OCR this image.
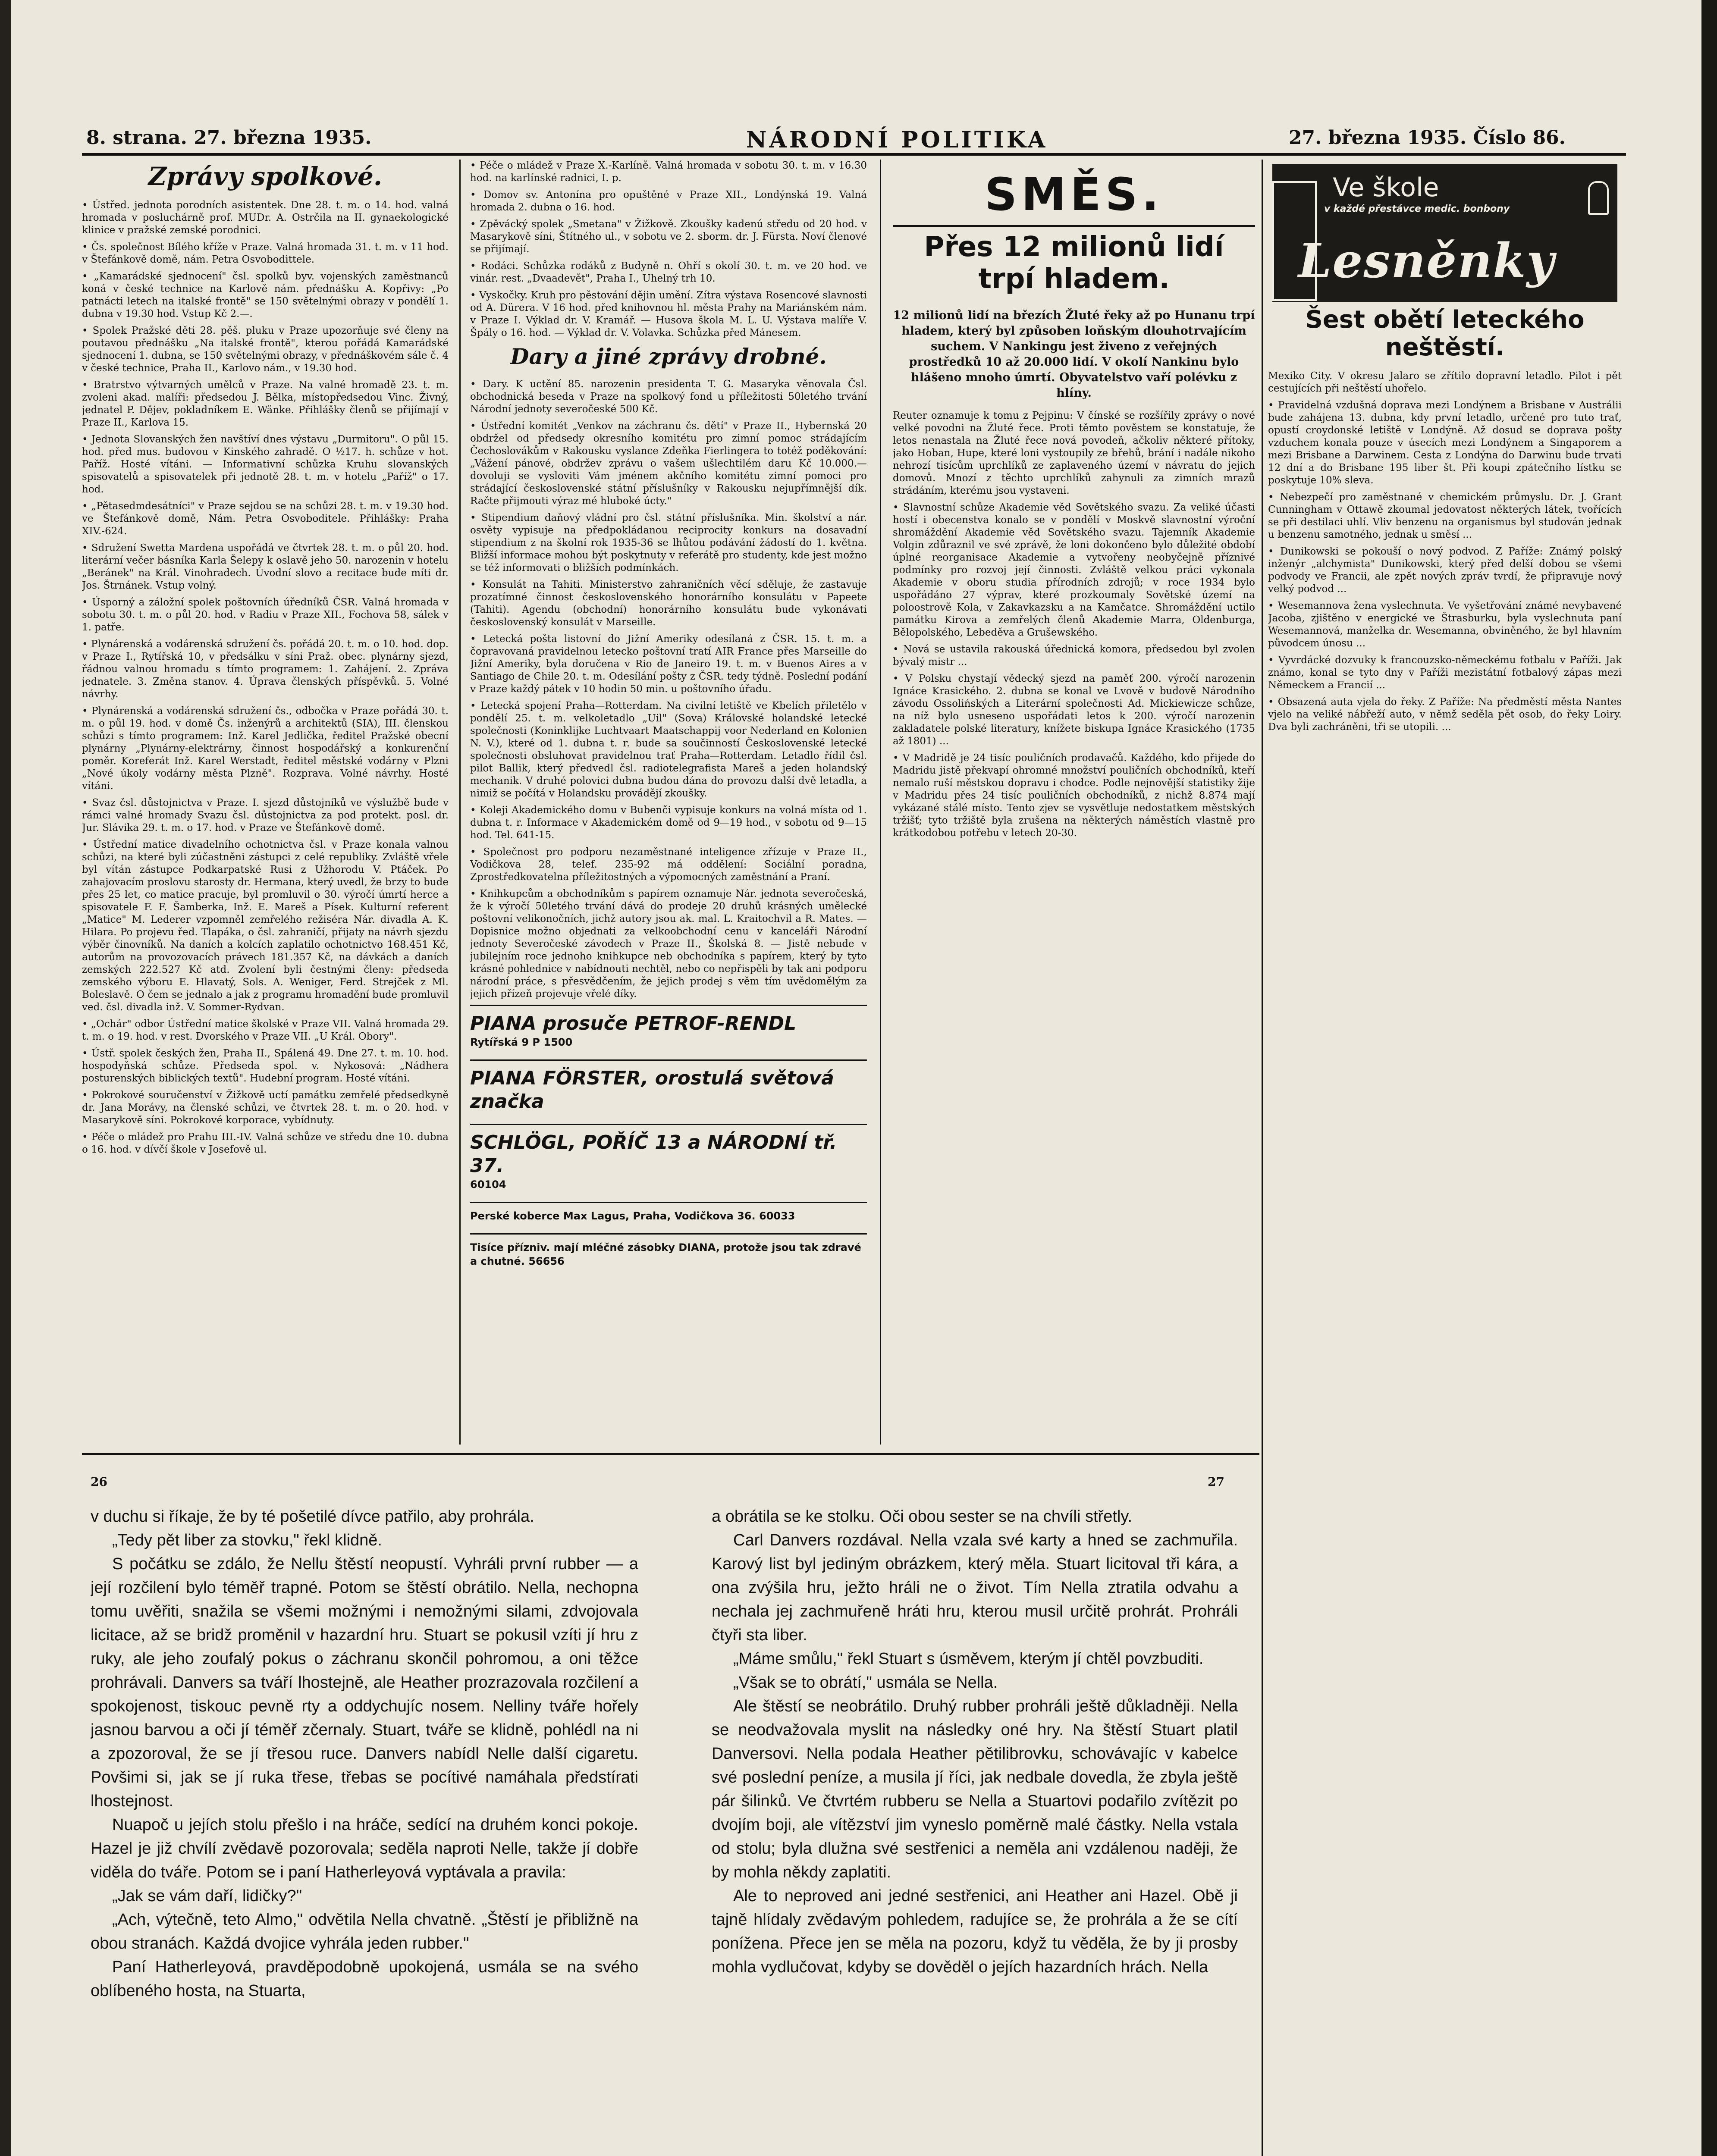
8. strana. 27. března 1935.	NÁRODNÍ POLITIKA	27. března 1935. Číslo 86.
Zprávy spolkové.

• Ústřed. jednota porodních asistentek. Dne 28. t. m. o 14. hod. valná hromada v posluchárně prof. MUDr. A. Ostrčila na II. gynaekologické klinice v pražské zemské porodnici.

• Čs. společnost Bílého kříže v Praze. Valná hromada 31. t. m. v 11 hod. v Štefánkově domě, nám. Petra Osvobodittele.

• „Kamarádské sjednocení" čsl. spolků byv. vojenských zaměstnanců koná v české technice na Karlově nám. přednášku A. Kopřivy: „Po patnácti letech na italské frontě" se 150 světelnými obrazy v pondělí 1. dubna v 19.30 hod. Vstup Kč 2.—.

• Spolek Pražské děti 28. pěš. pluku v Praze upozorňuje své členy na poutavou přednášku „Na italské frontě", kterou pořádá Kamarádské sjednocení 1. dubna, se 150 světelnými obrazy, v přednáškovém sále č. 4 v české technice, Praha II., Karlovo nám., v 19.30 hod.

• Bratrstvo výtvarných umělců v Praze. Na valné hromadě 23. t. m. zvoleni akad. malíři: předsedou J. Bělka, místopředsedou Vinc. Živný, jednatel P. Dějev, pokladníkem E. Wänke. Přihlášky členů se přijímají v Praze II., Karlova 15.

• Jednota Slovanských žen navštíví dnes výstavu „Durmitoru". O půl 15. hod. před mus. budovou v Kinského zahradě. O ½17. h. schůze v hot. Paříž. Hosté vítáni. — Informativní schůzka Kruhu slovanských spisovatelů a spisovatelek při jednotě 28. t. m. v hotelu „Paříž" o 17. hod.

• „Pětasedmdesátníci" v Praze sejdou se na schůzi 28. t. m. v 19.30 hod. ve Štefánkově domě, Nám. Petra Osvoboditele. Přihlášky: Praha XIV.-624.

• Sdružení Swetta Mardena uspořádá ve čtvrtek 28. t. m. o půl 20. hod. literární večer básníka Karla Šelepy k oslavě jeho 50. narozenin v hotelu „Beránek" na Král. Vinohradech. Úvodní slovo a recitace bude míti dr. Jos. Štrnánek. Vstup volný.

• Úsporný a záložní spolek poštovních úředníků ČSR. Valná hromada v sobotu 30. t. m. o půl 20. hod. v Radiu v Praze XII., Fochova 58, sálek v 1. patře.

• Plynárenská a vodárenská sdružení čs. pořádá 20. t. m. o 10. hod. dop. v Praze I., Rytířská 10, v předsálku v síni Praž. obec. plynárny sjezd, řádnou valnou hromadu s tímto programem: 1. Zahájení. 2. Zpráva jednatele. 3. Změna stanov. 4. Úprava členských příspěvků. 5. Volné návrhy.

• Plynárenská a vodárenská sdružení čs., odbočka v Praze pořádá 30. t. m. o půl 19. hod. v domě Čs. inženýrů a architektů (SIA), III. členskou schůzi s tímto programem: Inž. Karel Jedlička, ředitel Pražské obecní plynárny „Plynárny-elektrárny, činnost hospodářský a konkurenční poměr. Koreferát Inž. Karel Werstadt, ředitel městské vodárny v Plzni „Nové úkoly vodárny města Plzně". Rozprava. Volné návrhy. Hosté vítáni.

• Svaz čsl. důstojnictva v Praze. I. sjezd důstojníků ve výslužbě bude v rámci valné hromady Svazu čsl. důstojnictva za pod protekt. posl. dr. Jur. Slávika 29. t. m. o 17. hod. v Praze ve Štefánkově domě.

• Ústřední matice divadelního ochotnictva čsl. v Praze konala valnou schůzi, na které byli zúčastněni zástupci z celé republiky. Zvláště vřele byl vítán zástupce Podkarpatské Rusi z Užhorodu V. Ptáček. Po zahajovacím proslovu starosty dr. Hermana, který uvedl, že brzy to bude přes 25 let, co matice pracuje, byl promluvil o 30. výročí úmrtí herce a spisovatele F. F. Šamberka, Inž. E. Mareš a Písek. Kulturní referent „Matice" M. Lederer vzpomněl zemřelého režiséra Nár. divadla A. K. Hilara. Po projevu řed. Tlapáka, o čsl. zahraničí, přijaty na návrh sjezdu výběr činovníků. Na daních a kolcích zaplatilo ochotnictvo 168.451 Kč, autorům na provozovacích právech 181.357 Kč, na dávkách a daních zemských 222.527 Kč atd. Zvolení byli čestnými členy: předseda zemského výboru E. Hlavatý, Sols. A. Weniger, Ferd. Strejček z Ml. Boleslavě. O čem se jednalo a jak z programu hromadění bude promluvil ved. čsl. divadla inž. V. Sommer-Rydvan.

• „Ochár" odbor Ústřední matice školské v Praze VII. Valná hromada 29. t. m. o 19. hod. v rest. Dvorského v Praze VII. „U Král. Obory".

• Ústř. spolek českých žen, Praha II., Spálená 49. Dne 27. t. m. 10. hod. hospodyňská schůze. Předseda spol. v. Nykosová: „Nádhera posturenských biblických textů". Hudební program. Hosté vítáni.

• Pokrokové souručenství v Žižkově uctí památku zemřelé předsedkyně dr. Jana Morávy, na členské schůzi, ve čtvrtek 28. t. m. o 20. hod. v Masarykově síni. Pokrokové korporace, vybídnuty.

• Péče o mládež pro Prahu III.-IV. Valná schůze ve středu dne 10. dubna o 16. hod. v dívčí škole v Josefově ul.

• Péče o mládež v Praze X.-Karlíně. Valná hromada v sobotu 30. t. m. v 16.30 hod. na karlínské radnici, I. p.

• Domov sv. Antonína pro opuštěné v Praze XII., Londýnská 19. Valná hromada 2. dubna o 16. hod.

• Zpěvácký spolek „Smetana" v Žižkově. Zkoušky kadenú středu od 20 hod. v Masarykově síni, Štítného ul., v sobotu ve 2. sborm. dr. J. Fürsta. Noví členové se přijímají.

• Rodáci. Schůzka rodáků z Budyně n. Ohří s okolí 30. t. m. ve 20 hod. ve vinár. rest. „Dvaadevět", Praha I., Uhelný trh 10.

• Vyskočky. Kruh pro pěstování dějin umění. Zítra výstava Rosencové slavnosti od A. Dürera. V 16 hod. před knihovnou hl. města Prahy na Mariánském nám. v Praze I. Výklad dr. V. Kramář. — Husova škola M. L. U. Výstava malíře V. Špály o 16. hod. — Výklad dr. V. Volavka. Schůzka před Mánesem.

Dary a jiné zprávy drobné.

• Dary. K uctění 85. narozenin presidenta T. G. Masaryka věnovala Čsl. obchodnická beseda v Praze na spolkový fond u příležitosti 50letého trvání Národní jednoty severočeské 500 Kč.

• Ústřední komitét „Venkov na záchranu čs. dětí" v Praze II., Hybernská 20 obdržel od předsedy okresního komitétu pro zimní pomoc strádajícím Čechoslovákům v Rakousku vyslance Zdeňka Fierlingera to totéž poděkování: „Vážení pánové, obdržev zprávu o vašem ušlechtilém daru Kč 10.000.— dovoluji se vysloviti Vám jménem akčního komitétu zimní pomoci pro strádající československé státní příslušníky v Rakousku nejupřímnější dík. Račte přijmouti výraz mé hluboké úcty."

• Stipendium daňový vládní pro čsl. státní příslušníka. Min. školství a nár. osvěty vypisuje na předpokládanou reciprocity konkurs na dosavadní stipendium z na školní rok 1935-36 se lhůtou podávání žádostí do 1. května. Bližší informace mohou být poskytnuty v referátě pro studenty, kde jest možno se též informovati o bližších podmínkách.

• Konsulát na Tahiti. Ministerstvo zahraničních věcí sděluje, že zastavuje prozatímné činnost československého honorárního konsulátu v Papeete (Tahiti). Agendu (obchodní) honorárního konsulátu bude vykonávati československý konsulát v Marseille.

• Letecká pošta listovní do Jižní Ameriky odesílaná z ČSR. 15. t. m. a čopravovaná pravidelnou letecko poštovní tratí AIR France přes Marseille do Jižní Ameriky, byla doručena v Rio de Janeiro 19. t. m. v Buenos Aires a v Santiago de Chile 20. t. m. Odesílání pošty z ČSR. tedy týdně. Poslední podání v Praze každý pátek v 10 hodin 50 min. u poštovního úřadu.

• Letecká spojení Praha—Rotterdam. Na civilní letiště ve Kbelích přiletělo v pondělí 25. t. m. velkoletadlo „Uil" (Sova) Královské holandské letecké společnosti (Koninklijke Luchtvaart Maatschappij voor Nederland en Kolonien N. V.), které od 1. dubna t. r. bude sa součinností Československé letecké společnosti obsluhovat pravidelnou trať Praha—Rotterdam. Letadlo řídil čsl. pilot Ballik, který předvedl čsl. radiotelegrafista Mareš a jeden holandský mechanik. V druhé polovici dubna budou dána do provozu další dvě letadla, a nimiž se počítá v Holandsku provádějí zkoušky.

• Koleji Akademického domu v Bubenči vypisuje konkurs na volná místa od 1. dubna t. r. Informace v Akademickém domě od 9—19 hod., v sobotu od 9—15 hod. Tel. 641-15.

• Společnost pro podporu nezaměstnané inteligence zřízuje v Praze II., Vodičkova 28, telef. 235-92 má oddělení: Sociální poradna, Zprostředkovatelna příležitostných a výpomocných zaměstnání a Praní.

• Knihkupcům a obchodníkům s papírem oznamuje Nár. jednota severočeská, že k výročí 50letého trvání dává do prodeje 20 druhů krásných umělecké poštovní velikonočních, jichž autory jsou ak. mal. L. Kraitochvil a R. Mates. — Dopisnice možno objednati za velkoobchodní cenu v kanceláři Národní jednoty Severočeské závodech v Praze II., Školská 8. — Jistě nebude v jubilejním roce jednoho knihkupce neb obchodníka s papírem, který by tyto krásné pohlednice v nabídnouti nechtěl, nebo co nepřispěli by tak ani podporu národní práce, s přesvědčením, že jejich prodej s věm tím uvědomělým za jejich přízeň projevuje vřelé díky.

PIANA prosuče PETROF-RENDL
Rytířská 9 P 1500
PIANA FÖRSTER, orostulá světová značka
SCHLÖGL, POŘÍČ 13 a NÁRODNÍ tř. 37.
60104
Perské koberce Max Lagus, Praha, Vodičkova 36. 60033
Tisíce přízniv. mají mléčné zásobky DIANA, protože jsou tak zdravé a chutné. 56656
SMĚS.
Přes 12 milionů lidí trpí hladem.
12 milionů lidí na březích Žluté řeky až po Hunanu trpí hladem, který byl způsoben loňským dlouhotrvajícím suchem. V Nankingu jest živeno z veřejných prostředků 10 až 20.000 lidí. V okolí Nankinu bylo hlášeno mnoho úmrtí. Obyvatelstvo vaří polévku z hlíny.

Reuter oznamuje k tomu z Pejpinu: V čínské se rozšířily zprávy o nové velké povodni na Žluté řece. Proti těmto pověstem se konstatuje, že letos nenastala na Žluté řece nová povodeň, ačkoliv některé přítoky, jako Hoban, Hupe, které loni vystoupily ze břehů, brání i nadále nikoho nehrozí tisícům uprchlíků ze zaplaveného území v návratu do jejich domovů. Mnozí z těchto uprchlíků zahynuli za zimních mrazů strádáním, kterému jsou vystaveni.

• Slavnostní schůze Akademie věd Sovětského svazu. Za veliké účasti hostí i obecenstva konalo se v pondělí v Moskvě slavnostní výroční shromáždění Akademie věd Sovětského svazu. Tajemník Akademie Volgin zdůraznil ve své zprávě, že loni dokončeno bylo důležité období úplné reorganisace Akademie a vytvořeny neobyčejně příznivé podmínky pro rozvoj její činnosti. Zvláště velkou práci vykonala Akademie v oboru studia přírodních zdrojů; v roce 1934 bylo uspořádáno 27 výprav, které prozkoumaly Sovětské území na poloostrově Kola, v Zakavkazsku a na Kamčatce. Shromáždění uctilo památku Kirova a zemřelých členů Akademie Marra, Oldenburga, Bělopolského, Lebeděva a Grušewského.

• Nová se ustavila rakouská úřednická komora, předsedou byl zvolen bývalý mistr ...

• V Polsku chystají vědecký sjezd na paměť 200. výročí narozenin Ignáce Krasického. 2. dubna se konal ve Lvově v budově Národního závodu Ossolińských a Literární společnosti Ad. Mickiewicze schůze, na níž bylo usneseno uspořádati letos k 200. výročí narozenin zakladatele polské literatury, knížete biskupa Ignáce Krasického (1735 až 1801) ...

• V Madridě je 24 tisíc pouličních prodavačů. Každého, kdo přijede do Madridu jistě překvapí ohromné množství pouličních obchodníků, kteří nemalo ruší městskou dopravu i chodce. Podle nejnovější statistiky žije v Madridu přes 24 tisíc pouličních obchodníků, z nichž 8.874 mají vykázané stálé místo. Tento zjev se vysvětluje nedostatkem městských tržišť; tyto tržiště byla zrušena na některých náměstích vlastně pro krátkodobou potřebu v letech 20-30.

Ve škole
v každé přestávce medic. bonbony
Lesněnky
Šest obětí leteckého neštěstí.

Mexiko City. V okresu Jalaro se zřítilo dopravní letadlo. Pilot i pět cestujících při neštěstí uhořelo.

• Pravidelná vzdušná doprava mezi Londýnem a Brisbane v Austrálii bude zahájena 13. dubna, kdy první letadlo, určené pro tuto trať, opustí croydonské letiště v Londýně. Až dosud se doprava pošty vzduchem konala pouze v úsecích mezi Londýnem a Singaporem a mezi Brisbane a Darwinem. Cesta z Londýna do Darwinu bude trvati 12 dní a do Brisbane 195 liber št. Při koupi zpátečního lístku se poskytuje 10% sleva.

• Nebezpečí pro zaměstnané v chemickém průmyslu. Dr. J. Grant Cunningham v Ottawě zkoumal jedovatost některých látek, tvořících se při destilaci uhlí. Vliv benzenu na organismus byl studován jednak u benzenu samotného, jednak u směsí ...

• Dunikowski se pokouší o nový podvod. Z Paříže: Známý polský inženýr „alchymista" Dunikowski, který před delší dobou se všemi podvody ve Francii, ale zpět nových zpráv tvrdí, že připravuje nový velký podvod ...

• Wesemannova žena vyslechnuta. Ve vyšetřování známé nevybavené Jacoba, zjištěno v energické ve Štrasburku, byla vyslechnuta paní Wesemannová, manželka dr. Wesemanna, obviněného, že byl hlavním původcem únosu ...

• Vyvrdácké dozvuky k francouzsko-německému fotbalu v Paříži. Jak známo, konal se tyto dny v Paříži mezistátní fotbalový zápas mezi Německem a Francií ...

• Obsazená auta vjela do řeky. Z Paříže: Na předměstí města Nantes vjelo na veliké nábřeží auto, v němž seděla pět osob, do řeky Loiry. Dva byli zachráněni, tři se utopili. ...

26	27

v duchu si říkaje, že by té pošetilé dívce patřilo, aby prohrála.

„Tedy pět liber za stovku," řekl klidně.

S počátku se zdálo, že Nellu štěstí neopustí. Vyhráli první rubber — a její rozčilení bylo téměř trapné. Potom se štěstí obrátilo. Nella, nechopna tomu uvěřiti, snažila se všemi možnými i nemožnými silami, zdvojovala licitace, až se bridž proměnil v hazardní hru. Stuart se pokusil vzíti jí hru z ruky, ale jeho zoufalý pokus o záchranu skončil pohromou, a oni těžce prohrávali. Danvers sa tváří lhostejně, ale Heather prozrazovala rozčilení a spokojenost, tiskouc pevně rty a oddychujíc nosem. Nelliny tváře hořely jasnou barvou a oči jí téměř zčernaly. Stuart, tváře se klidně, pohlédl na ni a zpozoroval, že se jí třesou ruce. Danvers nabídl Nelle další cigaretu. Povšimi si, jak se jí ruka třese, třebas se pocítivé namáhala předstírati lhostejnost.

Nuapoč u jejích stolu přešlo i na hráče, sedící na druhém konci pokoje. Hazel je již chvílí zvědavě pozorovala; seděla naproti Nelle, takže jí dobře viděla do tváře. Potom se i paní Hatherleyová vyptávala a pravila:

„Jak se vám daří, lidičky?"

„Ach, výtečně, teto Almo," odvětila Nella chvatně. „Štěstí je přibližně na obou stranách. Každá dvojice vyhrála jeden rubber."

Paní Hatherleyová, pravděpodobně upokojená, usmála se na svého oblíbeného hosta, na Stuarta,

a obrátila se ke stolku. Oči obou sester se na chvíli střetly.

Carl Danvers rozdával. Nella vzala své karty a hned se zachmuřila. Karový list byl jediným obrázkem, který měla. Stuart licitoval tři kára, a ona zvýšila hru, ježto hráli ne o život. Tím Nella ztratila odvahu a nechala jej zachmuřeně hráti hru, kterou musil určitě prohrát. Prohráli čtyři sta liber.

„Máme smůlu," řekl Stuart s úsměvem, kterým jí chtěl povzbuditi.

„Však se to obrátí," usmála se Nella.

Ale štěstí se neobrátilo. Druhý rubber prohráli ještě důkladněji. Nella se neodvažovala myslit na následky oné hry. Na štěstí Stuart platil Danversovi. Nella podala Heather pětilibrovku, schovávajíc v kabelce své poslední peníze, a musila jí říci, jak nedbale dovedla, že zbyla ještě pár šilinků. Ve čtvrtém rubberu se Nella a Stuartovi podařilo zvítězit po dvojím boji, ale vítězství jim vyneslo poměrně malé částky. Nella vstala od stolu; byla dlužna své sestřenici a neměla ani vzdálenou naději, že by mohla někdy zaplatiti.

Ale to neproved ani jedné sestřenici, ani Heather ani Hazel. Obě ji tajně hlídaly zvědavým pohledem, radujíce se, že prohrála a že se cítí ponížena. Přece jen se měla na pozoru, když tu věděla, že by ji prosby mohla vydlučovat, kdyby se dověděl o jejích hazardních hrách. Nella
